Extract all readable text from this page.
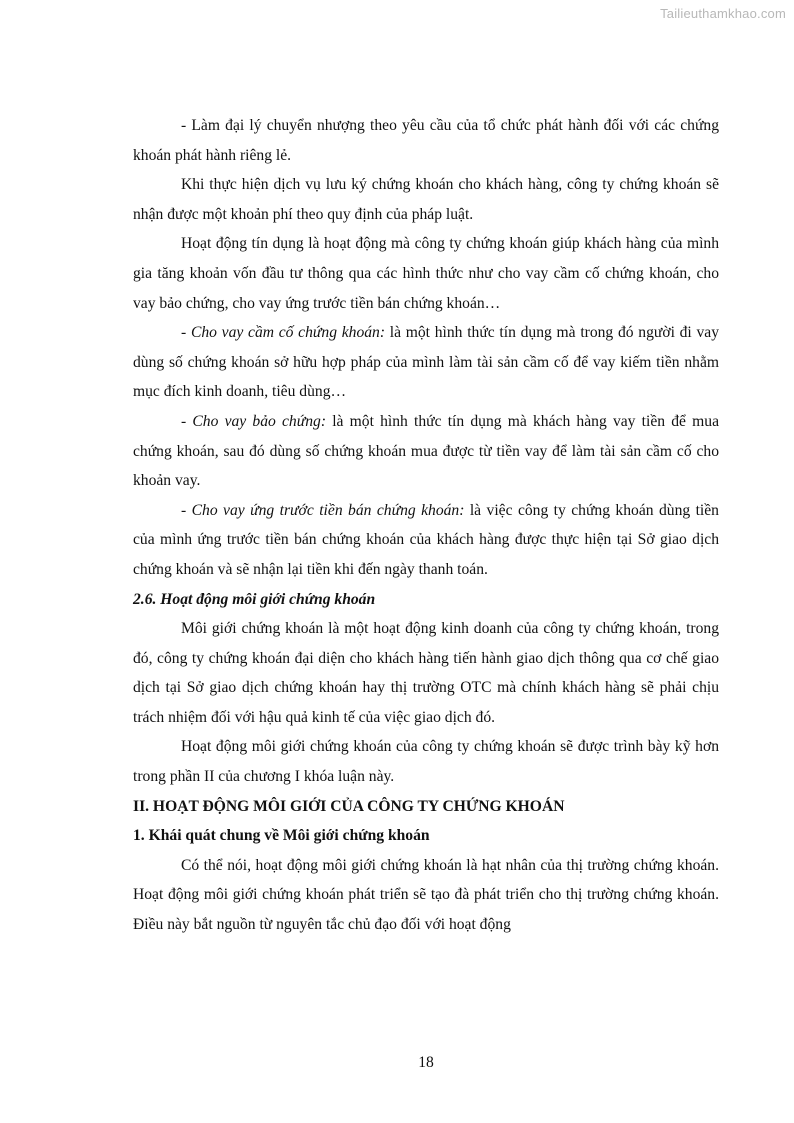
Tailieuthamkhao.com

- Làm đại lý chuyển nhượng theo yêu cầu của tổ chức phát hành đối với các chứng khoán phát hành riêng lẻ.

Khi thực hiện dịch vụ lưu ký chứng khoán cho khách hàng, công ty chứng khoán sẽ nhận được một khoản phí theo quy định của pháp luật.

Hoạt động tín dụng là hoạt động mà công ty chứng khoán giúp khách hàng của mình gia tăng khoản vốn đầu tư thông qua các hình thức như cho vay cầm cố chứng khoán, cho vay bảo chứng, cho vay ứng trước tiền bán chứng khoán…

- Cho vay cầm cố chứng khoán: là một hình thức tín dụng mà trong đó người đi vay dùng số chứng khoán sở hữu hợp pháp của mình làm tài sản cầm cố để vay kiếm tiền nhằm mục đích kinh doanh, tiêu dùng…

- Cho vay bảo chứng: là một hình thức tín dụng mà khách hàng vay tiền để mua chứng khoán, sau đó dùng số chứng khoán mua được từ tiền vay để làm tài sản cầm cố cho khoản vay.

- Cho vay ứng trước tiền bán chứng khoán: là việc công ty chứng khoán dùng tiền của mình ứng trước tiền bán chứng khoán của khách hàng được thực hiện tại Sở giao dịch chứng khoán và sẽ nhận lại tiền khi đến ngày thanh toán.

2.6. Hoạt động môi giới chứng khoán

Môi giới chứng khoán là một hoạt động kinh doanh của công ty chứng khoán, trong đó, công ty chứng khoán đại diện cho khách hàng tiến hành giao dịch thông qua cơ chế giao dịch tại Sở giao dịch chứng khoán hay thị trường OTC mà chính khách hàng sẽ phải chịu trách nhiệm đối với hậu quả kinh tế của việc giao dịch đó.

Hoạt động môi giới chứng khoán của công ty chứng khoán sẽ được trình bày kỹ hơn trong phần II của chương I khóa luận này.

II. HOẠT ĐỘNG MÔI GIỚI CỦA CÔNG TY CHỨNG KHOÁN
1. Khái quát chung về Môi giới chứng khoán

Có thể nói, hoạt động môi giới chứng khoán là hạt nhân của thị trường chứng khoán. Hoạt động môi giới chứng khoán phát triển sẽ tạo đà phát triển cho thị trường chứng khoán. Điều này bắt nguồn từ nguyên tắc chủ đạo đối với hoạt động

18
